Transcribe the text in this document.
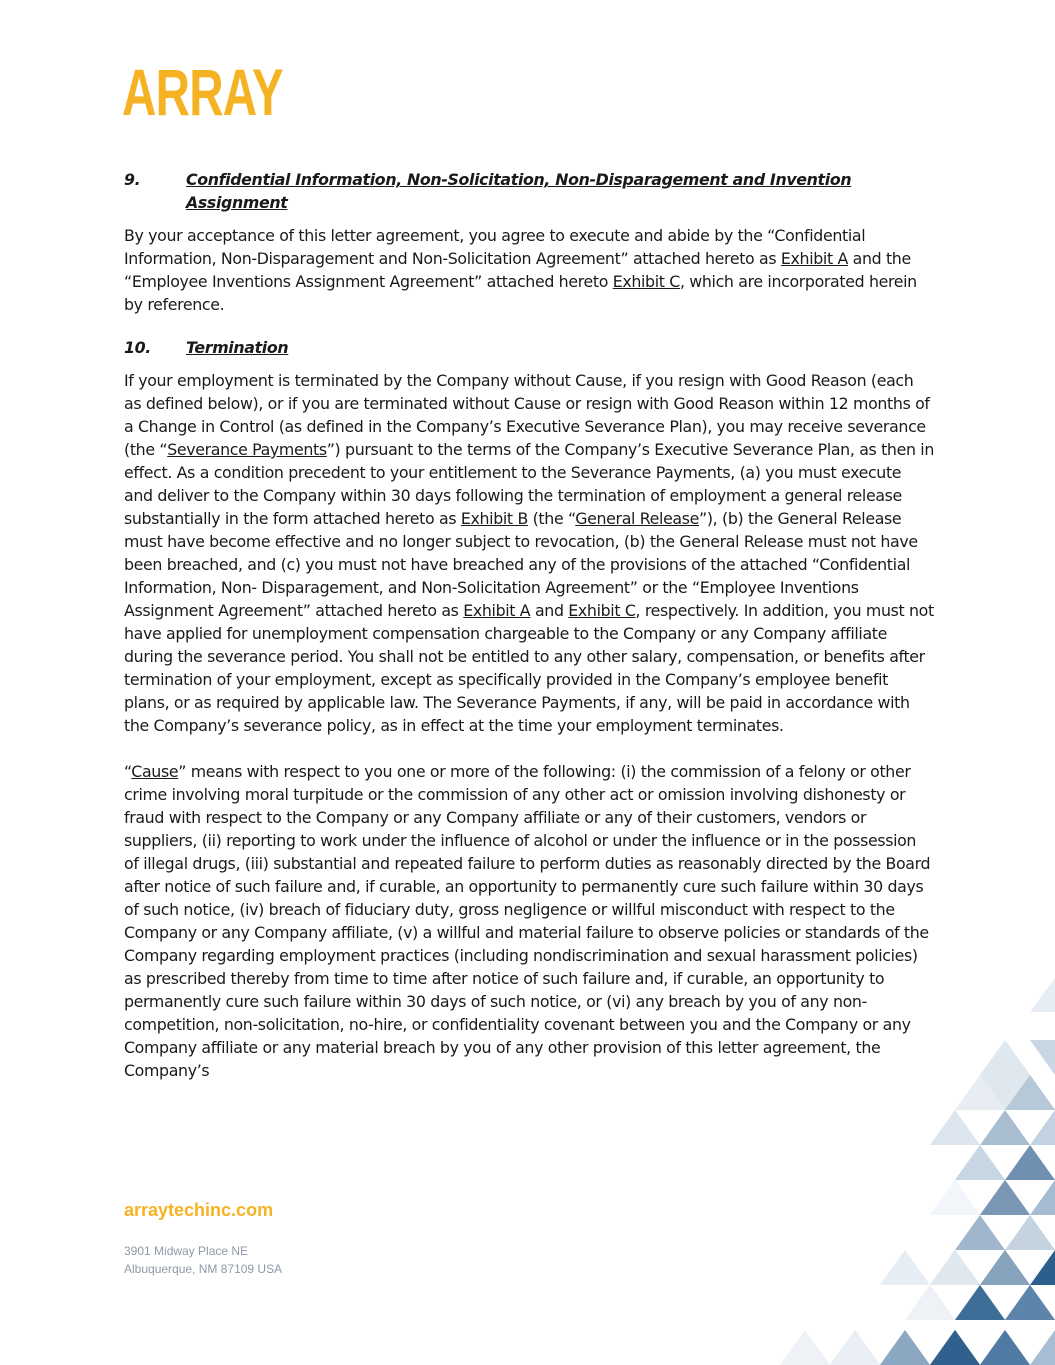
ARRAY
9.	Confidential Information, Non-Solicitation, Non-Disparagement and Invention
Assignment

By your acceptance of this letter agreement, you agree to execute and abide by the “Confidential Information, Non-Disparagement and Non-Solicitation Agreement” attached hereto as Exhibit A and the “Employee Inventions Assignment Agreement” attached hereto Exhibit C, which are incorporated herein by reference.

10.	Termination

If your employment is terminated by the Company without Cause, if you resign with Good Reason (each as defined below), or if you are terminated without Cause or resign with Good Reason within 12 months of a Change in Control (as defined in the Company’s Executive Severance Plan), you may receive severance (the “Severance Payments”) pursuant to the terms of the Company’s Executive Severance Plan, as then in effect. As a condition precedent to your entitlement to the Severance Payments, (a) you must execute and deliver to the Company within 30 days following the termination of employment a general release substantially in the form attached hereto as Exhibit B (the “General Release”), (b) the General Release must have become effective and no longer subject to revocation, (b) the General Release must not have been breached, and (c) you must not have breached any of the provisions of the attached “Confidential Information, Non- Disparagement, and Non-Solicitation Agreement” or the “Employee Inventions Assignment Agreement” attached hereto as Exhibit A and Exhibit C, respectively. In addition, you must not have applied for unemployment compensation chargeable to the Company or any Company affiliate during the severance period. You shall not be entitled to any other salary, compensation, or benefits after termination of your employment, except as specifically provided in the Company’s employee benefit plans, or as required by applicable law. The Severance Payments, if any, will be paid in accordance with the Company’s severance policy, as in effect at the time your employment terminates.

“Cause” means with respect to you one or more of the following: (i) the commission of a felony or other crime involving moral turpitude or the commission of any other act or omission involving dishonesty or fraud with respect to the Company or any Company affiliate or any of their customers, vendors or suppliers, (ii) reporting to work under the influence of alcohol or under the influence or in the possession of illegal drugs, (iii) substantial and repeated failure to perform duties as reasonably directed by the Board after notice of such failure and, if curable, an opportunity to permanently cure such failure within 30 days of such notice, (iv) breach of fiduciary duty, gross negligence or willful misconduct with respect to the Company or any Company affiliate, (v) a willful and material failure to observe policies or standards of the Company regarding employment practices (including nondiscrimination and sexual harassment policies) as prescribed thereby from time to time after notice of such failure and, if curable, an opportunity to permanently cure such failure within 30 days of such notice, or (vi) any breach by you of any non-competition, non-solicitation, no-hire, or confidentiality covenant between you and the Company or any Company affiliate or any material breach by you of any other provision of this letter agreement, the Company’s

arraytechinc.com
3901 Midway Place NE
Albuquerque, NM 87109 USA
